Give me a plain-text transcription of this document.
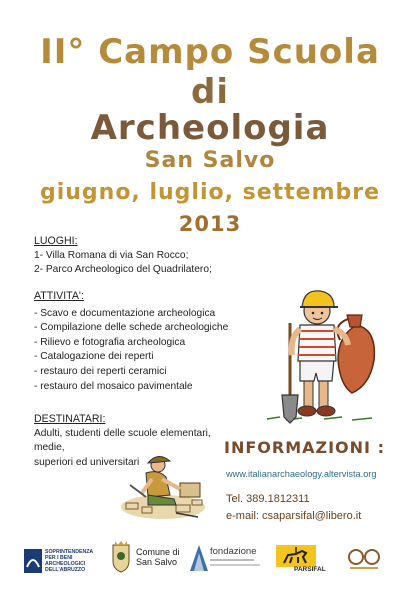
II° Campo Scuola
di
Archeologia
San Salvo
giugno, luglio, settembre
2013
LUOGHI:
1- Villa Romana di via San Rocco;
2- Parco Archeologico del Quadrilatero;
ATTIVITA':
- Scavo e documentazione archeologica
- Compilazione delle schede archeologiche
- Rilievo e fotografia archeologica
- Catalogazione dei reperti
- restauro dei reperti ceramici
- restauro del mosaico pavimentale
DESTINATARI:
Adulti, studenti delle scuole elementari, medie,
superiori ed universitari
INFORMAZIONI :
www.italianarchaeology.altervista.org
Tel. 389.1812311
e-mail: csaparsifal@libero.it
SOPRINTENDENZA
PER I BENI
ARCHEOLOGICI
DELL'ABRUZZO
Comune di
San Salvo
fondazione
PARSIFAL
